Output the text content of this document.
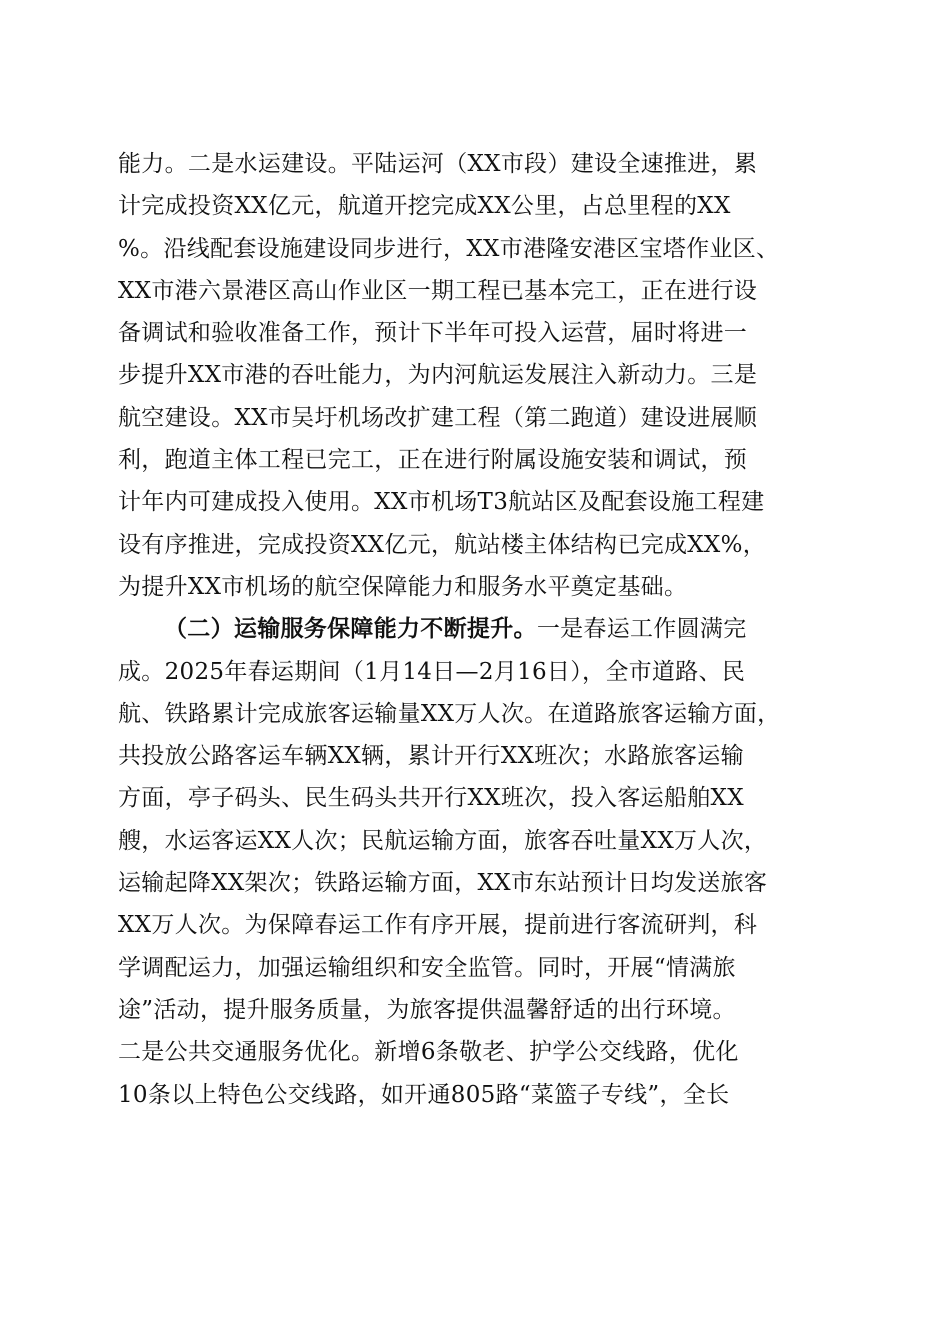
能力。二是水运建设。平陆运河（XX市段）建设全速推进，累
计完成投资XX亿元，航道开挖完成XX公里，占总里程的XX
%。沿线配套设施建设同步进行，XX市港隆安港区宝塔作业区、
XX市港六景港区高山作业区一期工程已基本完工，正在进行设
备调试和验收准备工作，预计下半年可投入运营，届时将进一
步提升XX市港的吞吐能力，为内河航运发展注入新动力。三是
航空建设。XX市吴圩机场改扩建工程（第二跑道）建设进展顺
利，跑道主体工程已完工，正在进行附属设施安装和调试，预
计年内可建成投入使用。XX市机场T3航站区及配套设施工程建
设有序推进，完成投资XX亿元，航站楼主体结构已完成XX%，
为提升XX市机场的航空保障能力和服务水平奠定基础。
（二）运输服务保障能力不断提升。一是春运工作圆满完
成。2025年春运期间（1月14日—2月16日），全市道路、民
航、铁路累计完成旅客运输量XX万人次。在道路旅客运输方面，
共投放公路客运车辆XX辆，累计开行XX班次；水路旅客运输
方面，亭子码头、民生码头共开行XX班次，投入客运船舶XX
艘，水运客运XX人次；民航运输方面，旅客吞吐量XX万人次，
运输起降XX架次；铁路运输方面，XX市东站预计日均发送旅客
XX万人次。为保障春运工作有序开展，提前进行客流研判，科
学调配运力，加强运输组织和安全监管。同时，开展“情满旅
途”活动，提升服务质量，为旅客提供温馨舒适的出行环境。
二是公共交通服务优化。新增6条敬老、护学公交线路，优化
10条以上特色公交线路，如开通805路“菜篮子专线”，全长
